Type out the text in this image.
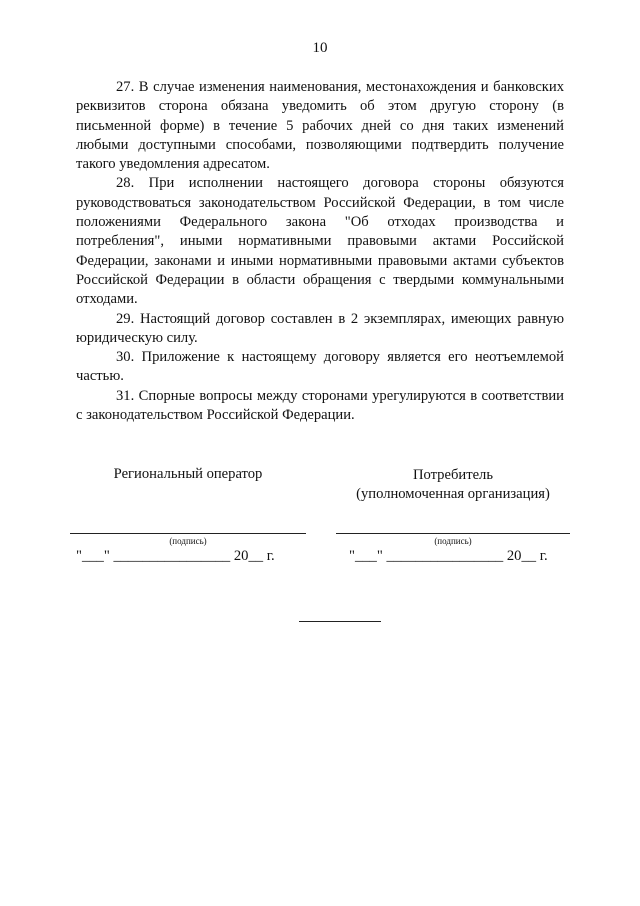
10

27. В случае изменения наименования, местонахождения и банковских реквизитов сторона обязана уведомить об этом другую сторону (в письменной форме) в течение 5 рабочих дней со дня таких изменений любыми доступными способами, позволяющими подтвердить получение такого уведомления адресатом.

28. При исполнении настоящего договора стороны обязуются руководствоваться законодательством Российской Федерации, в том числе положениями Федерального закона "Об отходах производства и потребления", иными нормативными правовыми актами Российской Федерации, законами и иными нормативными правовыми актами субъектов Российской Федерации в области обращения с твердыми коммунальными отходами.

29. Настоящий договор составлен в 2 экземплярах, имеющих равную юридическую силу.

30. Приложение к настоящему договору является его неотъемлемой частью.

31. Спорные вопросы между сторонами урегулируются в соответствии с законодательством Российской Федерации.

Региональный оператор	Потребитель
(уполномоченная организация)
(подпись)
"___" ________________ 20__ г.
(подпись)
"___" ________________ 20__ г.
